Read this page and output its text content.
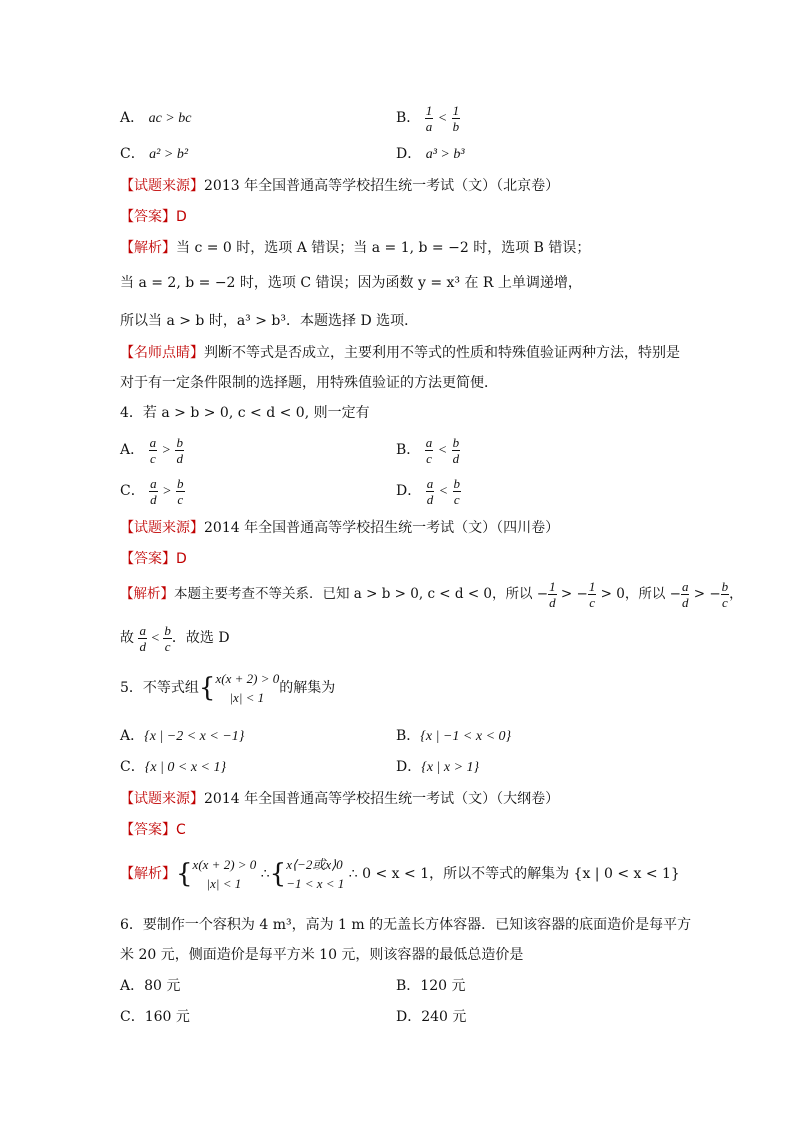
A． ac > bc	B． $\frac{1}{a} < \frac{1}{b}$
C． a² > b²	D． a³ > b³
【试题来源】2013 年全国普通高等学校招生统一考试（文）（北京卷）
【答案】D
【解析】当 c = 0 时，选项 A 错误；当 a = 1, b = −2 时，选项 B 错误；
当 a = 2, b = −2 时，选项 C 错误；因为函数 y = x³ 在 R 上单调递增，
所以当 a > b 时，a³ > b³．本题选择 D 选项．
【名师点睛】判断不等式是否成立，主要利用不等式的性质和特殊值验证两种方法，特别是
对于有一定条件限制的选择题，用特殊值验证的方法更简便．
4．若 a > b > 0, c < d < 0, 则一定有
A． $\frac{a}{c} > \frac{b}{d}$	B． $\frac{a}{c} < \frac{b}{d}$
C． $\frac{a}{d} > \frac{b}{c}$	D． $\frac{a}{d} < \frac{b}{c}$
【试题来源】2014 年全国普通高等学校招生统一考试（文）（四川卷）
【答案】D
【解析】本题主要考查不等关系．已知 a > b > 0, c < d < 0，所以 − $\frac{1}{d}$ > − $\frac{1}{c} > 0$，所以 − $\frac{a}{d}$ > − $\frac{b}{c}$ ，
故 $\frac{a}{d} < \frac{b}{c}$ ．故选 D
5．不等式组{ x(x + 2) > 0
|x| < 1
的解集为
A．{x | −2 < x < −1}	B．{x | −1 < x < 0}
C．{x | 0 < x < 1}	D．{x | x > 1}
【试题来源】2014 年全国普通高等学校招生统一考试（文）（大纲卷）
【答案】C
【解析】{ x(x + 2) > 0
|x| < 1
∴{ x⟨−2或x⟩0
−1 < x < 1
∴ 0 < x < 1，所以不等式的解集为 {x | 0 < x < 1}
6．要制作一个容积为 4 m³，高为 1 m 的无盖长方体容器．已知该容器的底面造价是每平方
米 20 元，侧面造价是每平方米 10 元，则该容器的最低总造价是
A．80 元	B．120 元
C．160 元	D．240 元
